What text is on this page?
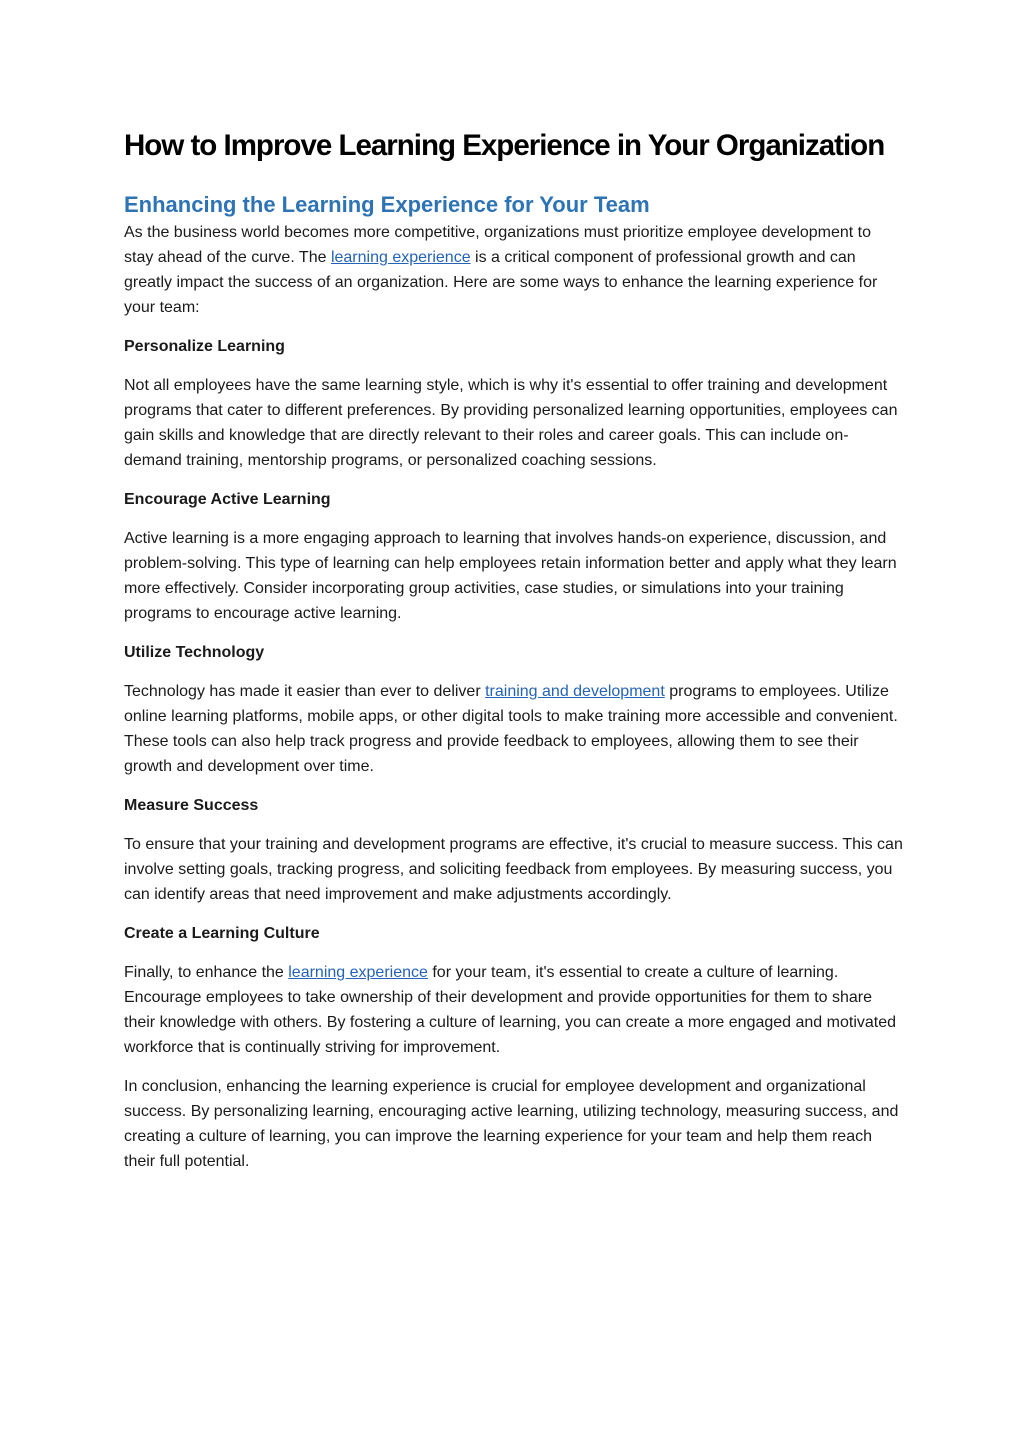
How to Improve Learning Experience in Your Organization
Enhancing the Learning Experience for Your Team

As the business world becomes more competitive, organizations must prioritize employee development to stay ahead of the curve. The learning experience is a critical component of professional growth and can greatly impact the success of an organization. Here are some ways to enhance the learning experience for your team:

Personalize Learning

Not all employees have the same learning style, which is why it's essential to offer training and development programs that cater to different preferences. By providing personalized learning opportunities, employees can gain skills and knowledge that are directly relevant to their roles and career goals. This can include on-demand training, mentorship programs, or personalized coaching sessions.

Encourage Active Learning

Active learning is a more engaging approach to learning that involves hands-on experience, discussion, and problem-solving. This type of learning can help employees retain information better and apply what they learn more effectively. Consider incorporating group activities, case studies, or simulations into your training programs to encourage active learning.

Utilize Technology

Technology has made it easier than ever to deliver training and development programs to employees. Utilize online learning platforms, mobile apps, or other digital tools to make training more accessible and convenient. These tools can also help track progress and provide feedback to employees, allowing them to see their growth and development over time.

Measure Success

To ensure that your training and development programs are effective, it's crucial to measure success. This can involve setting goals, tracking progress, and soliciting feedback from employees. By measuring success, you can identify areas that need improvement and make adjustments accordingly.

Create a Learning Culture

Finally, to enhance the learning experience for your team, it's essential to create a culture of learning. Encourage employees to take ownership of their development and provide opportunities for them to share their knowledge with others. By fostering a culture of learning, you can create a more engaged and motivated workforce that is continually striving for improvement.

In conclusion, enhancing the learning experience is crucial for employee development and organizational success. By personalizing learning, encouraging active learning, utilizing technology, measuring success, and creating a culture of learning, you can improve the learning experience for your team and help them reach their full potential.
